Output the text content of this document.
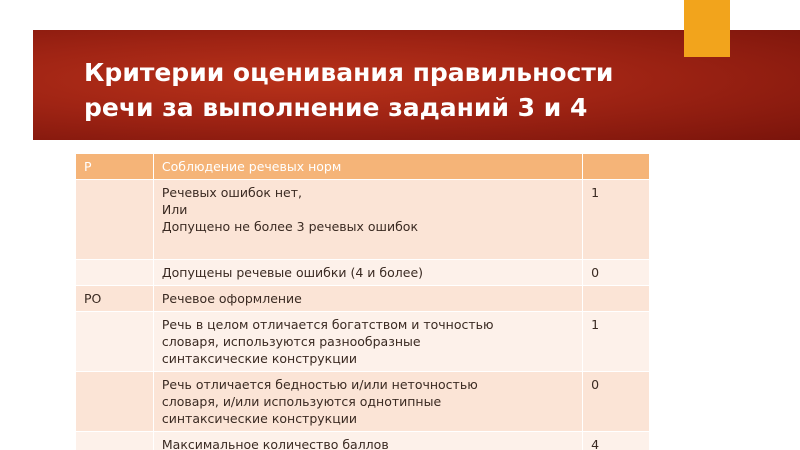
Критерии оценивания правильности
речи за выполнение заданий 3 и 4
Р	Соблюдение речевых норм	

	Речевых ошибок нет,
Или
Допущено не более 3 речевых ошибок	1

	Допущены речевые ошибки (4 и более)	0
РО	Речевое оформление	

	Речь в целом отличается богатством и точностью
словаря, используются разнообразные
синтаксические конструкции	1

	Речь отличается бедностью и/или неточностью
словаря, и/или используются однотипные
синтаксические конструкции	0

	Максимальное количество баллов	4
